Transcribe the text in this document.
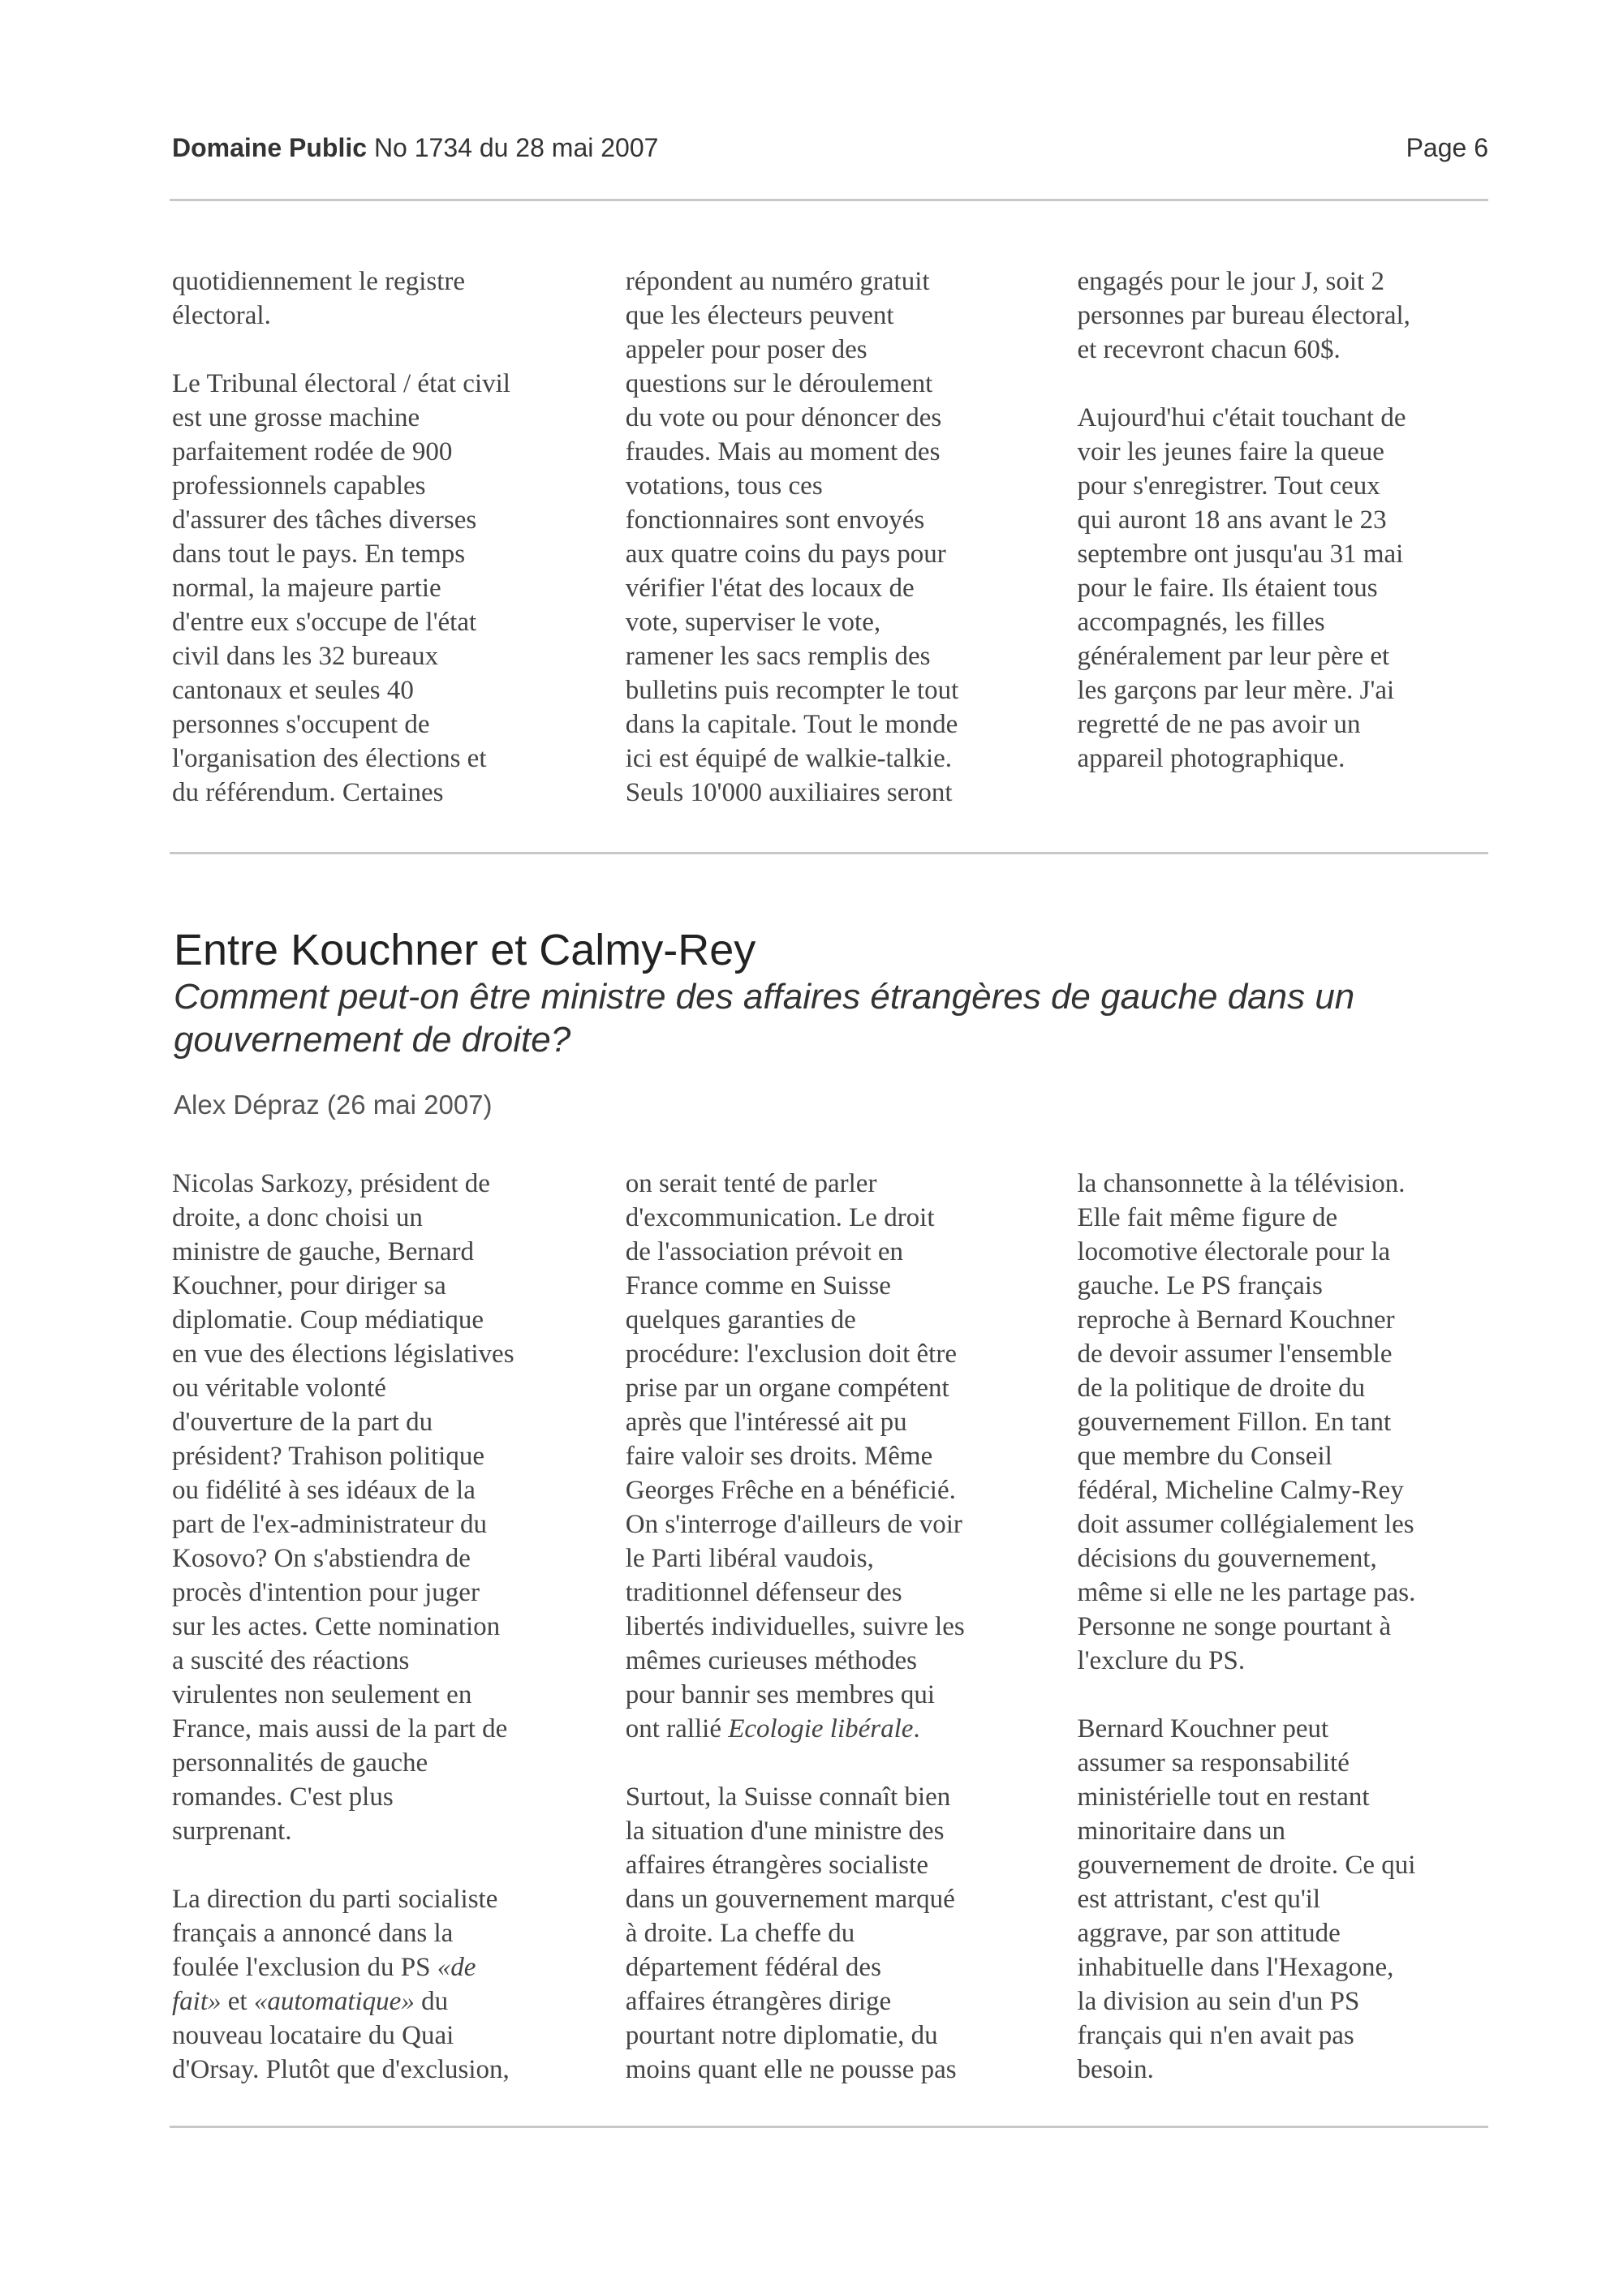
Domaine Public No 1734 du 28 mai 2007	Page 6

quotidiennement le registre
électoral.

Le Tribunal électoral / état civil
est une grosse machine
parfaitement rodée de 900
professionnels capables
d'assurer des tâches diverses
dans tout le pays. En temps
normal, la majeure partie
d'entre eux s'occupe de l'état
civil dans les 32 bureaux
cantonaux et seules 40
personnes s'occupent de
l'organisation des élections et
du référendum. Certaines

répondent au numéro gratuit
que les électeurs peuvent
appeler pour poser des
questions sur le déroulement
du vote ou pour dénoncer des
fraudes. Mais au moment des
votations, tous ces
fonctionnaires sont envoyés
aux quatre coins du pays pour
vérifier l'état des locaux de
vote, superviser le vote,
ramener les sacs remplis des
bulletins puis recompter le tout
dans la capitale. Tout le monde
ici est équipé de walkie-talkie.
Seuls 10'000 auxiliaires seront

engagés pour le jour J, soit 2
personnes par bureau électoral,
et recevront chacun 60$.

Aujourd'hui c'était touchant de
voir les jeunes faire la queue
pour s'enregistrer. Tout ceux
qui auront 18 ans avant le 23
septembre ont jusqu'au 31 mai
pour le faire. Ils étaient tous
accompagnés, les filles
généralement par leur père et
les garçons par leur mère. J'ai
regretté de ne pas avoir un
appareil photographique.

Entre Kouchner et Calmy-Rey
Comment peut-on être ministre des affaires étrangères de gauche dans un gouvernement de droite?
Alex Dépraz (26 mai 2007)

Nicolas Sarkozy, président de
droite, a donc choisi un
ministre de gauche, Bernard
Kouchner, pour diriger sa
diplomatie. Coup médiatique
en vue des élections législatives
ou véritable volonté
d'ouverture de la part du
président? Trahison politique
ou fidélité à ses idéaux de la
part de l'ex-administrateur du
Kosovo? On s'abstiendra de
procès d'intention pour juger
sur les actes. Cette nomination
a suscité des réactions
virulentes non seulement en
France, mais aussi de la part de
personnalités de gauche
romandes. C'est plus
surprenant.

La direction du parti socialiste
français a annoncé dans la
foulée l'exclusion du PS «de
fait» et «automatique» du
nouveau locataire du Quai
d'Orsay. Plutôt que d'exclusion,

on serait tenté de parler
d'excommunication. Le droit
de l'association prévoit en
France comme en Suisse
quelques garanties de
procédure: l'exclusion doit être
prise par un organe compétent
après que l'intéressé ait pu
faire valoir ses droits. Même
Georges Frêche en a bénéficié.
On s'interroge d'ailleurs de voir
le Parti libéral vaudois,
traditionnel défenseur des
libertés individuelles, suivre les
mêmes curieuses méthodes
pour bannir ses membres qui
ont rallié Ecologie libérale.

Surtout, la Suisse connaît bien
la situation d'une ministre des
affaires étrangères socialiste
dans un gouvernement marqué
à droite. La cheffe du
département fédéral des
affaires étrangères dirige
pourtant notre diplomatie, du
moins quant elle ne pousse pas

la chansonnette à la télévision.
Elle fait même figure de
locomotive électorale pour la
gauche. Le PS français
reproche à Bernard Kouchner
de devoir assumer l'ensemble
de la politique de droite du
gouvernement Fillon. En tant
que membre du Conseil
fédéral, Micheline Calmy-Rey
doit assumer collégialement les
décisions du gouvernement,
même si elle ne les partage pas.
Personne ne songe pourtant à
l'exclure du PS.

Bernard Kouchner peut
assumer sa responsabilité
ministérielle tout en restant
minoritaire dans un
gouvernement de droite. Ce qui
est attristant, c'est qu'il
aggrave, par son attitude
inhabituelle dans l'Hexagone,
la division au sein d'un PS
français qui n'en avait pas
besoin.
